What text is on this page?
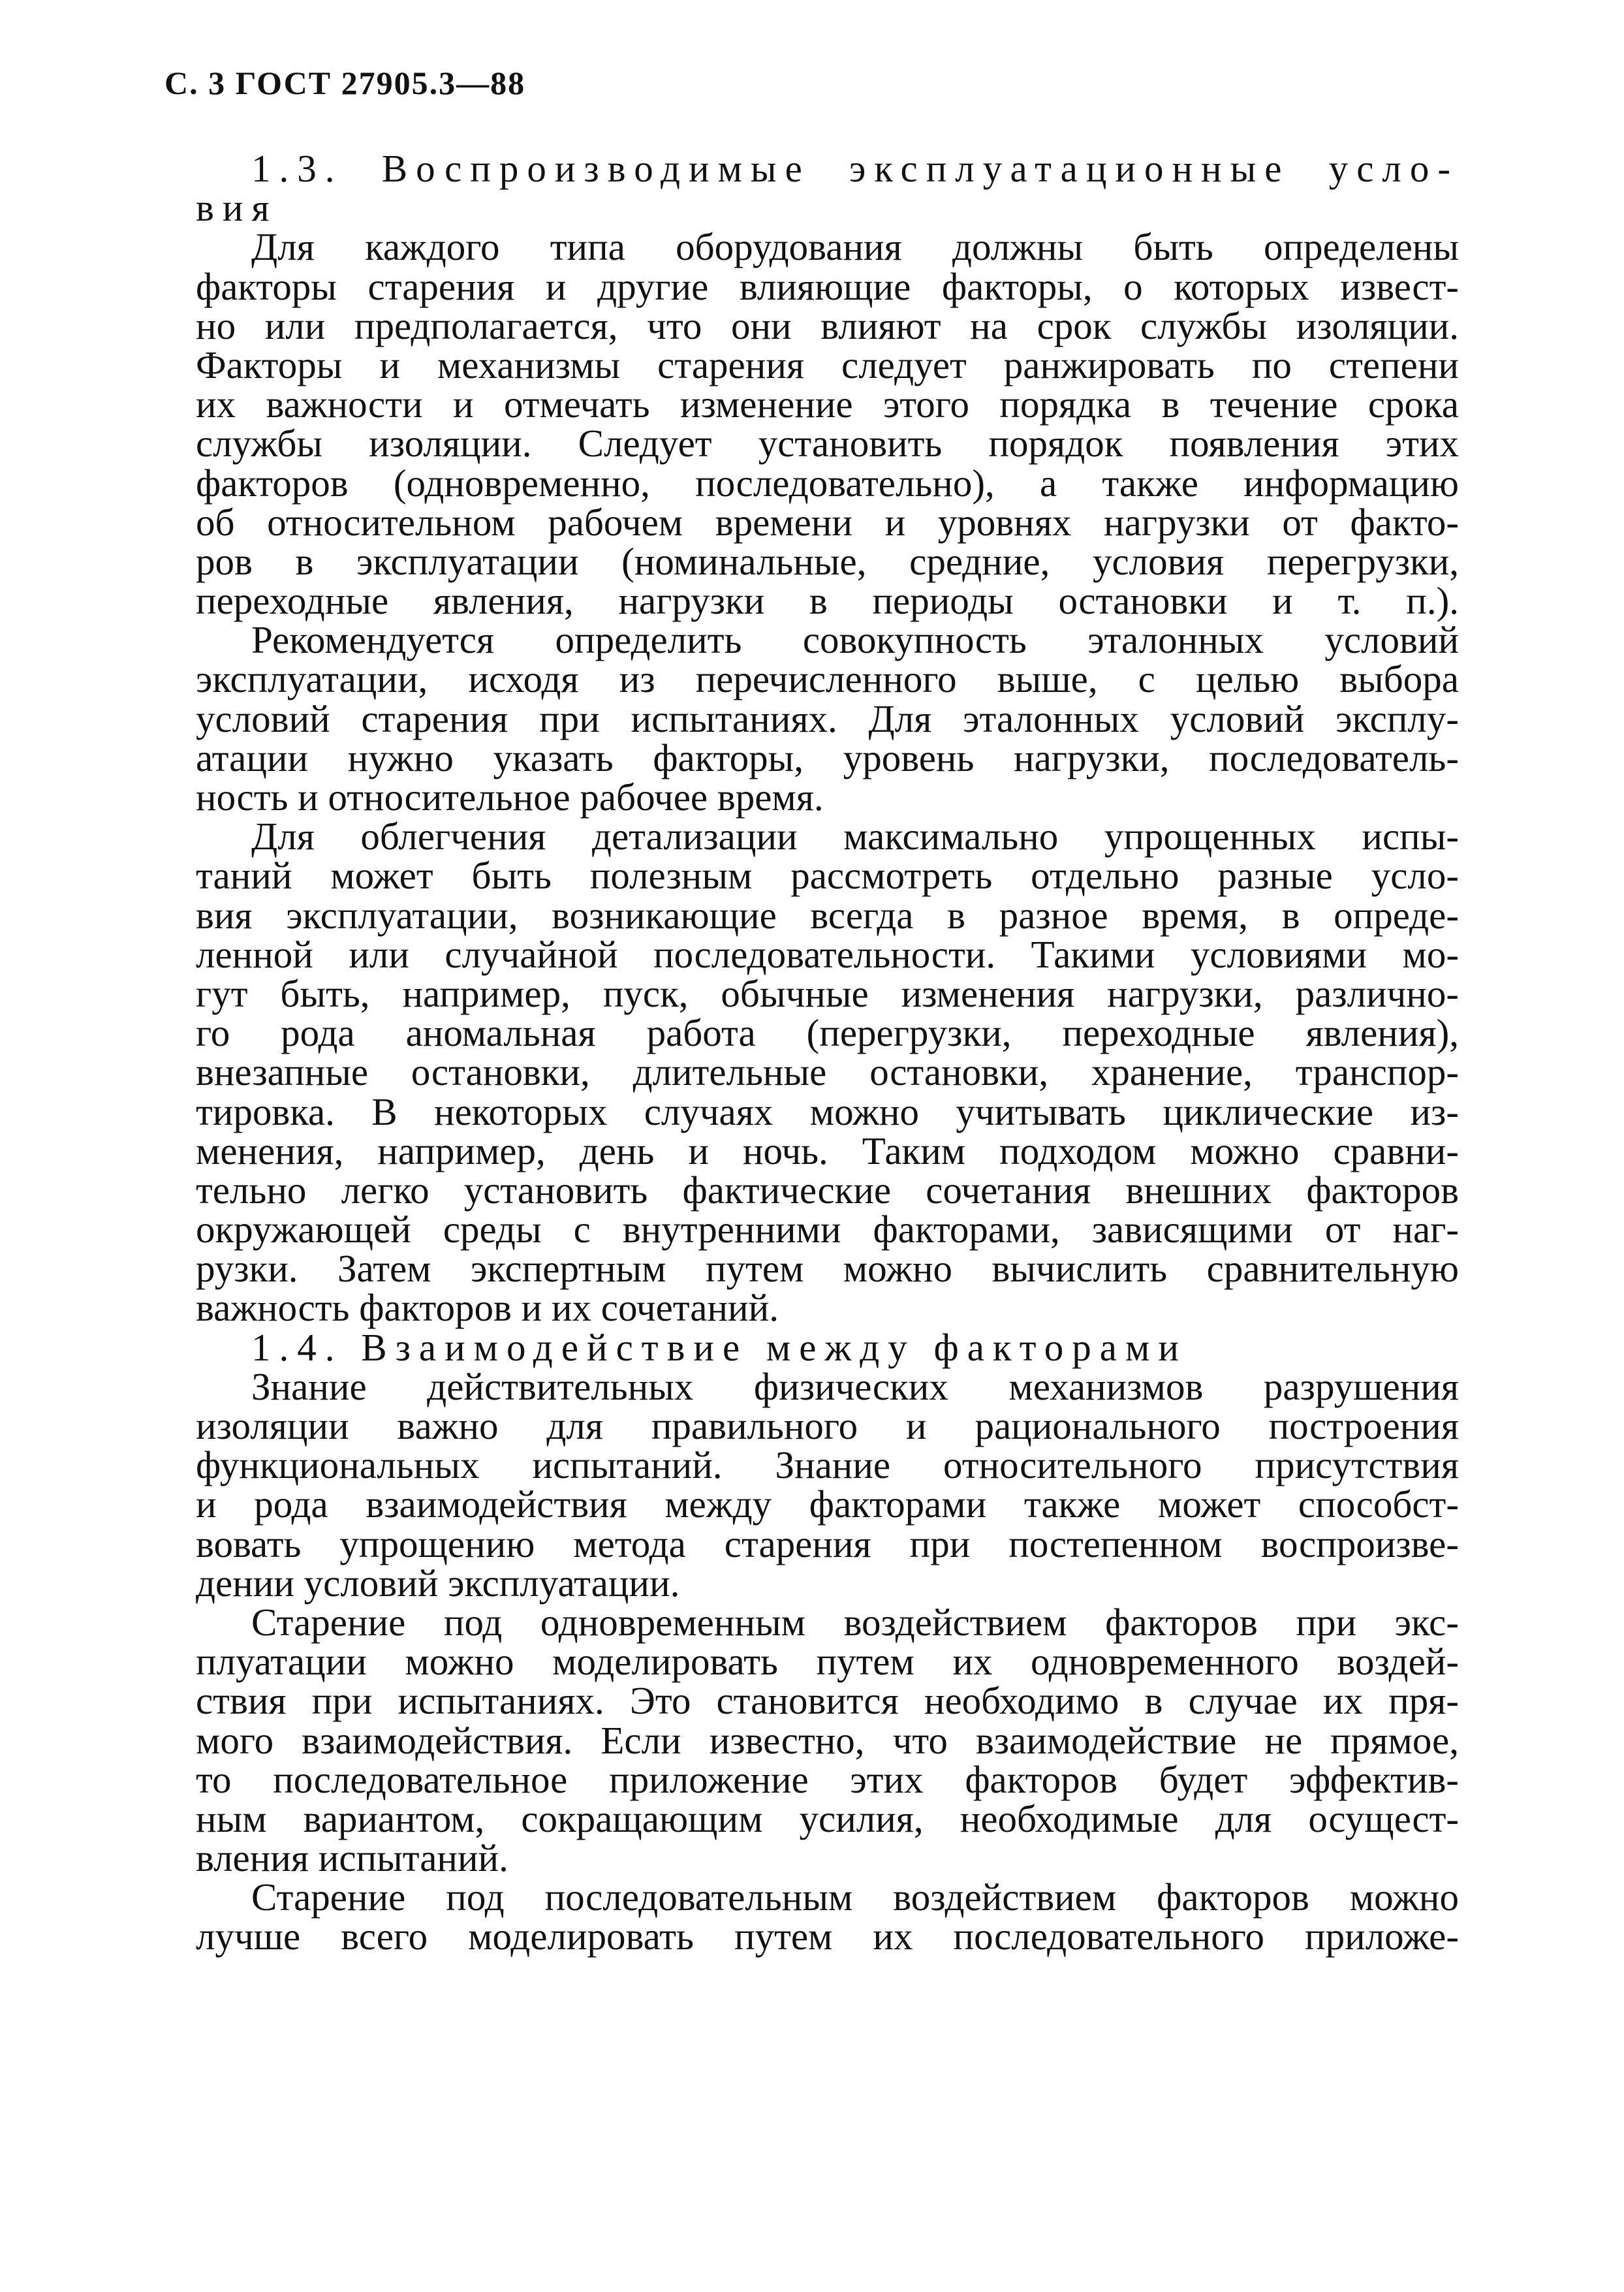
С. 3 ГОСТ 27905.3—88
1.3. Воспроизводимые эксплуатационные усло-
вия
Для каждого типа оборудования должны быть определены
факторы старения и другие влияющие факторы, о которых извест-
но или предполагается, что они влияют на срок службы изоляции.
Факторы и механизмы старения следует ранжировать по степени
их важности и отмечать изменение этого порядка в течение срока
службы изоляции. Следует установить порядок появления этих
факторов (одновременно, последовательно), а также информацию
об относительном рабочем времени и уровнях нагрузки от факто-
ров в эксплуатации (номинальные, средние, условия перегрузки,
переходные явления, нагрузки в периоды остановки и т. п.).
Рекомендуется определить совокупность эталонных условий
эксплуатации, исходя из перечисленного выше, с целью выбора
условий старения при испытаниях. Для эталонных условий эксплу-
атации нужно указать факторы, уровень нагрузки, последователь-
ность и относительное рабочее время.
Для облегчения детализации максимально упрощенных испы-
таний может быть полезным рассмотреть отдельно разные усло-
вия эксплуатации, возникающие всегда в разное время, в опреде-
ленной или случайной последовательности. Такими условиями мо-
гут быть, например, пуск, обычные изменения нагрузки, различно-
го рода аномальная работа (перегрузки, переходные явления),
внезапные остановки, длительные остановки, хранение, транспор-
тировка. В некоторых случаях можно учитывать циклические из-
менения, например, день и ночь. Таким подходом можно сравни-
тельно легко установить фактические сочетания внешних факторов
окружающей среды с внутренними факторами, зависящими от наг-
рузки. Затем экспертным путем можно вычислить сравнительную
важность факторов и их сочетаний.
1.4. Взаимодействие между факторами
Знание действительных физических механизмов разрушения
изоляции важно для правильного и рационального построения
функциональных испытаний. Знание относительного присутствия
и рода взаимодействия между факторами также может способст-
вовать упрощению метода старения при постепенном воспроизве-
дении условий эксплуатации.
Старение под одновременным воздействием факторов при экс-
плуатации можно моделировать путем их одновременного воздей-
ствия при испытаниях. Это становится необходимо в случае их пря-
мого взаимодействия. Если известно, что взаимодействие не прямое,
то последовательное приложение этих факторов будет эффектив-
ным вариантом, сокращающим усилия, необходимые для осущест-
вления испытаний.
Старение под последовательным воздействием факторов можно
лучше всего моделировать путем их последовательного приложе-
